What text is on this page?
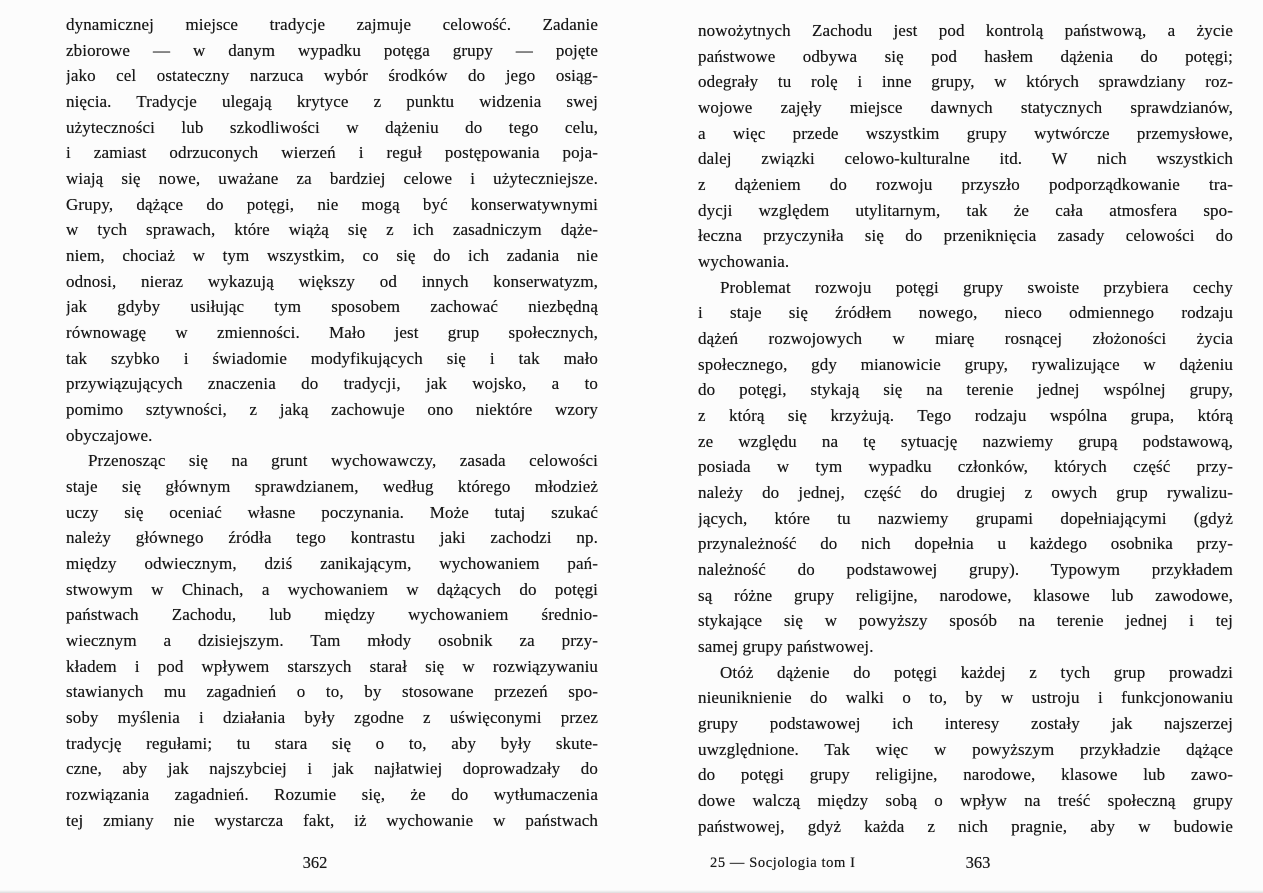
dynamicznej miejsce tradycje zajmuje celowość. Zadanie
zbiorowe — w danym wypadku potęga grupy — pojęte
jako cel ostateczny narzuca wybór środków do jego osiąg-
nięcia. Tradycje ulegają krytyce z punktu widzenia swej
użyteczności lub szkodliwości w dążeniu do tego celu,
i zamiast odrzuconych wierzeń i reguł postępowania poja-
wiają się nowe, uważane za bardziej celowe i użyteczniejsze.
Grupy, dążące do potęgi, nie mogą być konserwatywnymi
w tych sprawach, które wiążą się z ich zasadniczym dąże-
niem, chociaż w tym wszystkim, co się do ich zadania nie
odnosi, nieraz wykazują większy od innych konserwatyzm,
jak gdyby usiłując tym sposobem zachować niezbędną
równowagę w zmienności. Mało jest grup społecznych,
tak szybko i świadomie modyfikujących się i tak mało
przywiązujących znaczenia do tradycji, jak wojsko, a to
pomimo sztywności, z jaką zachowuje ono niektóre wzory
obyczajowe.
Przenosząc się na grunt wychowawczy, zasada celowości
staje się głównym sprawdzianem, według którego młodzież
uczy się oceniać własne poczynania. Może tutaj szukać
należy głównego źródła tego kontrastu jaki zachodzi np.
między odwiecznym, dziś zanikającym, wychowaniem pań-
stwowym w Chinach, a wychowaniem w dążących do potęgi
państwach Zachodu, lub między wychowaniem średnio-
wiecznym a dzisiejszym. Tam młody osobnik za przy-
kładem i pod wpływem starszych starał się w rozwiązywaniu
stawianych mu zagadnień o to, by stosowane przezeń spo-
soby myślenia i działania były zgodne z uświęconymi przez
tradycję regułami; tu stara się o to, aby były skute-
czne, aby jak najszybciej i jak najłatwiej doprowadzały do
rozwiązania zagadnień. Rozumie się, że do wytłumaczenia
tej zmiany nie wystarcza fakt, iż wychowanie w państwach
nowożytnych Zachodu jest pod kontrolą państwową, a życie
państwowe odbywa się pod hasłem dążenia do potęgi;
odegrały tu rolę i inne grupy, w których sprawdziany roz-
wojowe zajęły miejsce dawnych statycznych sprawdzianów,
a więc przede wszystkim grupy wytwórcze przemysłowe,
dalej związki celowo-kulturalne itd. W nich wszystkich
z dążeniem do rozwoju przyszło podporządkowanie tra-
dycji względem utylitarnym, tak że cała atmosfera spo-
łeczna przyczyniła się do przeniknięcia zasady celowości do
wychowania.
Problemat rozwoju potęgi grupy swoiste przybiera cechy
i staje się źródłem nowego, nieco odmiennego rodzaju
dążeń rozwojowych w miarę rosnącej złożoności życia
społecznego, gdy mianowicie grupy, rywalizujące w dążeniu
do potęgi, stykają się na terenie jednej wspólnej grupy,
z którą się krzyżują. Tego rodzaju wspólna grupa, którą
ze względu na tę sytuację nazwiemy grupą podstawową,
posiada w tym wypadku członków, których część przy-
należy do jednej, część do drugiej z owych grup rywalizu-
jących, które tu nazwiemy grupami dopełniającymi (gdyż
przynależność do nich dopełnia u każdego osobnika przy-
należność do podstawowej grupy). Typowym przykładem
są różne grupy religijne, narodowe, klasowe lub zawodowe,
stykające się w powyższy sposób na terenie jednej i tej
samej grupy państwowej.
Otóż dążenie do potęgi każdej z tych grup prowadzi
nieuniknienie do walki o to, by w ustroju i funkcjonowaniu
grupy podstawowej ich interesy zostały jak najszerzej
uwzględnione. Tak więc w powyższym przykładzie dążące
do potęgi grupy religijne, narodowe, klasowe lub zawo-
dowe walczą między sobą o wpływ na treść społeczną grupy
państwowej, gdyż każda z nich pragnie, aby w budowie
362	25 — Socjologia tom I	363
